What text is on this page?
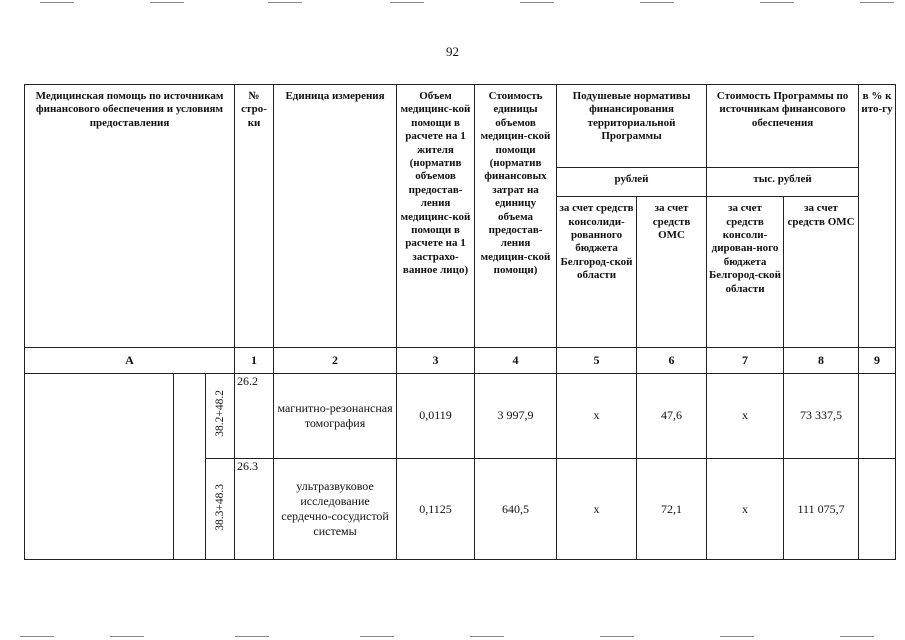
92
Медицинская помощь по источникам финансового обеспечения и условиям предоставления			№ стро-ки	Единица измерения	Объем медицинс-кой помощи в расчете на 1 жителя (норматив объемов предостав-ления медицинс-кой помощи в расчете на 1 застрахо-ванное лицо)	Стоимость единицы объемов медицин-ской помощи (норматив финансовых затрат на единицу объема предостав-ления медицин-ской помощи)	Подушевые нормативы финансирования территориальной Программы		Стоимость Программы по источникам финансового обеспечения		в % к ито-гу
							рублей		тыс. рублей		
							за счет средств консолиди-рованного бюджета Белгород-ской области	за счет средств ОМС	за счет средств консоли-дирован-ного бюджета Белгород-ской области	за счет средств ОМС	
А			1	2	3	4	5	6	7	8	9
		38.2+48.2	26.2	магнитно-резонансная томография	0,0119	3 997,9	х	47,6	х	73 337,5	
		38.3+48.3	26.3	ультразвуковое исследование сердечно-сосудистой системы	0,1125	640,5	х	72,1	х	111 075,7	
